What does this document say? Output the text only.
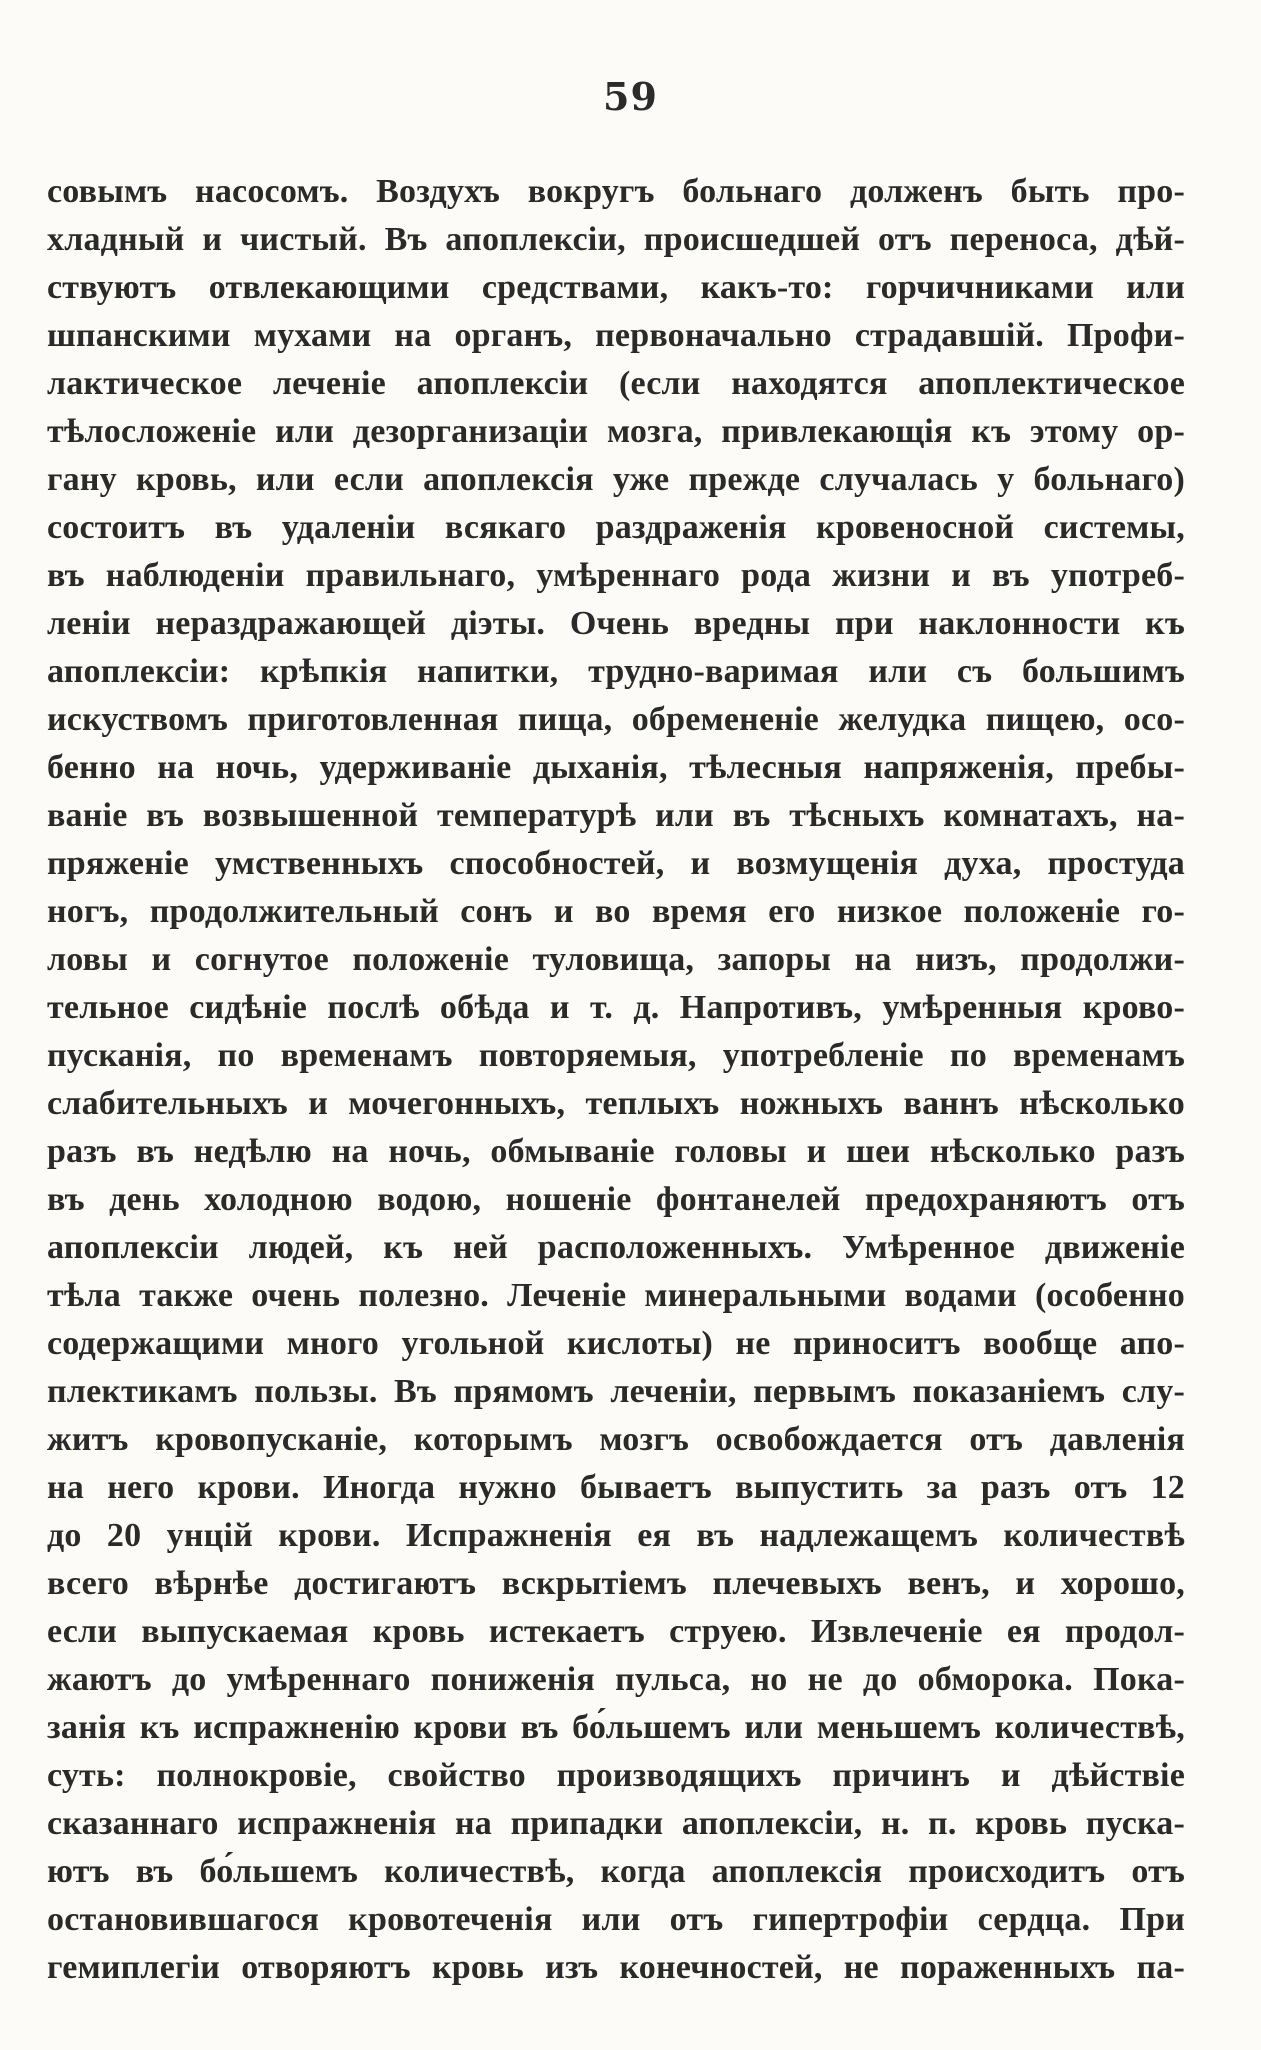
59
совымъ насосомъ. Воздухъ вокругъ больнаго долженъ быть про-
хладный и чистый. Въ апоплексіи, происшедшей отъ переноса, дѣй-
ствуютъ отвлекающими средствами, какъ-то: горчичниками или
шпанскими мухами на органъ, первоначально страдавшій. Профи-
лактическое леченіе апоплексіи (если находятся апоплектическое
тѣлосложеніе или дезорганизаціи мозга, привлекающія къ этому ор-
гану кровь, или если апоплексія уже прежде случалась у больнаго)
состоитъ въ удаленіи всякаго раздраженія кровеносной системы,
въ наблюденіи правильнаго, умѣреннаго рода жизни и въ употреб-
леніи нераздражающей діэты. Очень вредны при наклонности къ
апоплексіи: крѣпкія напитки, трудно-варимая или съ большимъ
искуствомъ приготовленная пища, обремененіе желудка пищею, осо-
бенно на ночь, удерживаніе дыханія, тѣлесныя напряженія, пребы-
ваніе въ возвышенной температурѣ или въ тѣсныхъ комнатахъ, на-
пряженіе умственныхъ способностей, и возмущенія духа, простуда
ногъ, продолжительный сонъ и во время его низкое положеніе го-
ловы и согнутое положеніе туловища, запоры на низъ, продолжи-
тельное сидѣніе послѣ обѣда и т. д. Напротивъ, умѣренныя крово-
пусканія, по временамъ повторяемыя, употребленіе по временамъ
слабительныхъ и мочегонныхъ, теплыхъ ножныхъ ваннъ нѣсколько
разъ въ недѣлю на ночь, обмываніе головы и шеи нѣсколько разъ
въ день холодною водою, ношеніе фонтанелей предохраняютъ отъ
апоплексіи людей, къ ней расположенныхъ. Умѣренное движеніе
тѣла также очень полезно. Леченіе минеральными водами (особенно
содержащими много угольной кислоты) не приноситъ вообще апо-
плектикамъ пользы. Въ прямомъ леченіи, первымъ показаніемъ слу-
житъ кровопусканіе, которымъ мозгъ освобождается отъ давленія
на него крови. Иногда нужно бываетъ выпустить за разъ отъ 12
до 20 унцій крови. Испражненія ея въ надлежащемъ количествѣ
всего вѣрнѣе достигаютъ вскрытіемъ плечевыхъ венъ, и хорошо,
если выпускаемая кровь истекаетъ струею. Извлеченіе ея продол-
жаютъ до умѣреннаго пониженія пульса, но не до обморока. Пока-
занія къ испражненію крови въ бо́льшемъ или меньшемъ количествѣ,
суть: полнокровіе, свойство производящихъ причинъ и дѣйствіе
сказаннаго испражненія на припадки апоплексіи, н. п. кровь пуска-
ютъ въ бо́льшемъ количествѣ, когда апоплексія происходитъ отъ
остановившагося кровотеченія или отъ гипертрофіи сердца. При
гемиплегіи отворяютъ кровь изъ конечностей, не пораженныхъ па-
